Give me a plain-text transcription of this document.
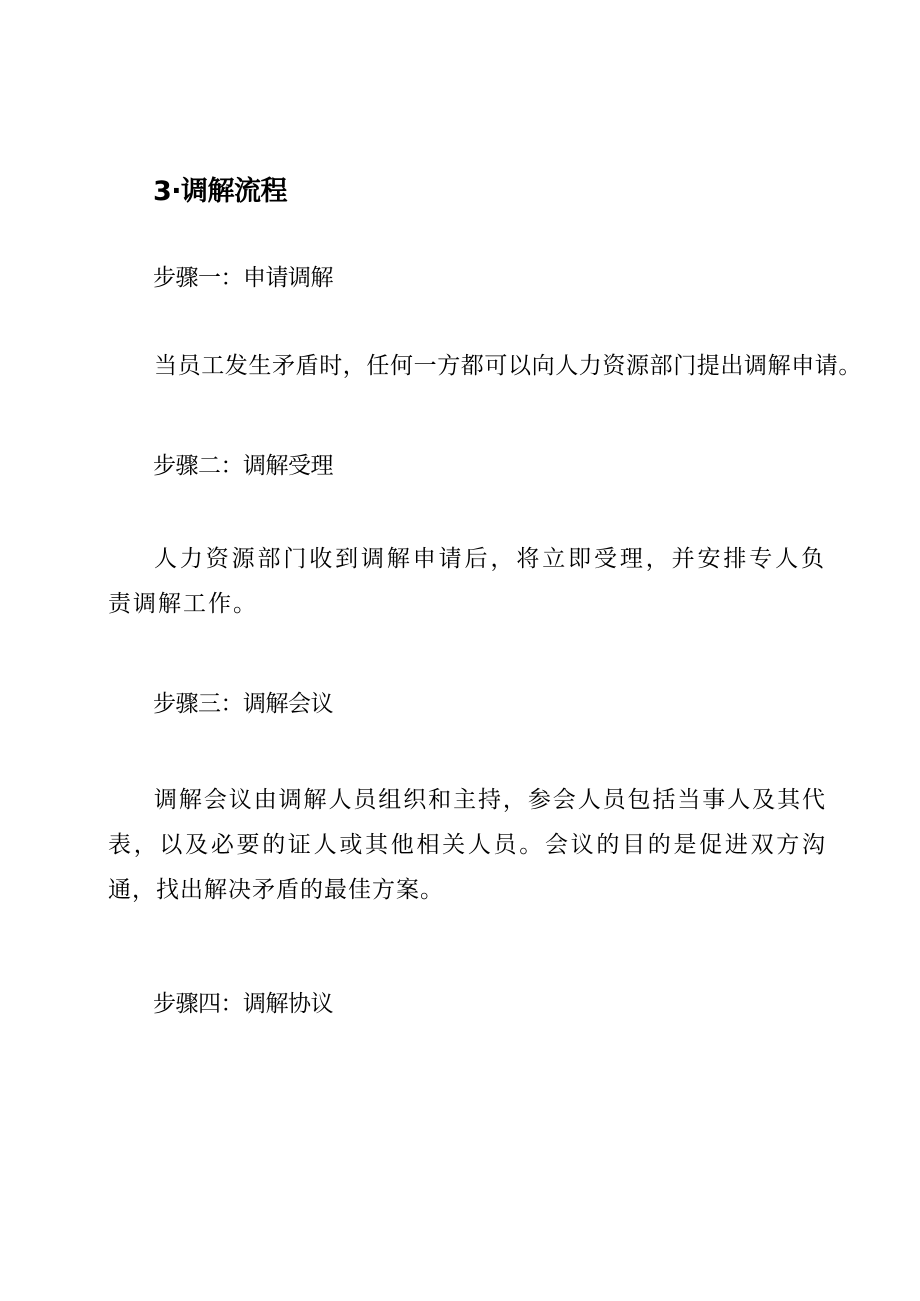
3·调解流程
步骤一：申请调解

当员工发生矛盾时，任何一方都可以向人力资源部门提出调解申请。

步骤二：调解受理

人力资源部门收到调解申请后，将立即受理，并安排专人负责调解工作。

步骤三：调解会议

调解会议由调解人员组织和主持，参会人员包括当事人及其代表，以及必要的证人或其他相关人员。会议的目的是促进双方沟通，找出解决矛盾的最佳方案。

步骤四：调解协议
